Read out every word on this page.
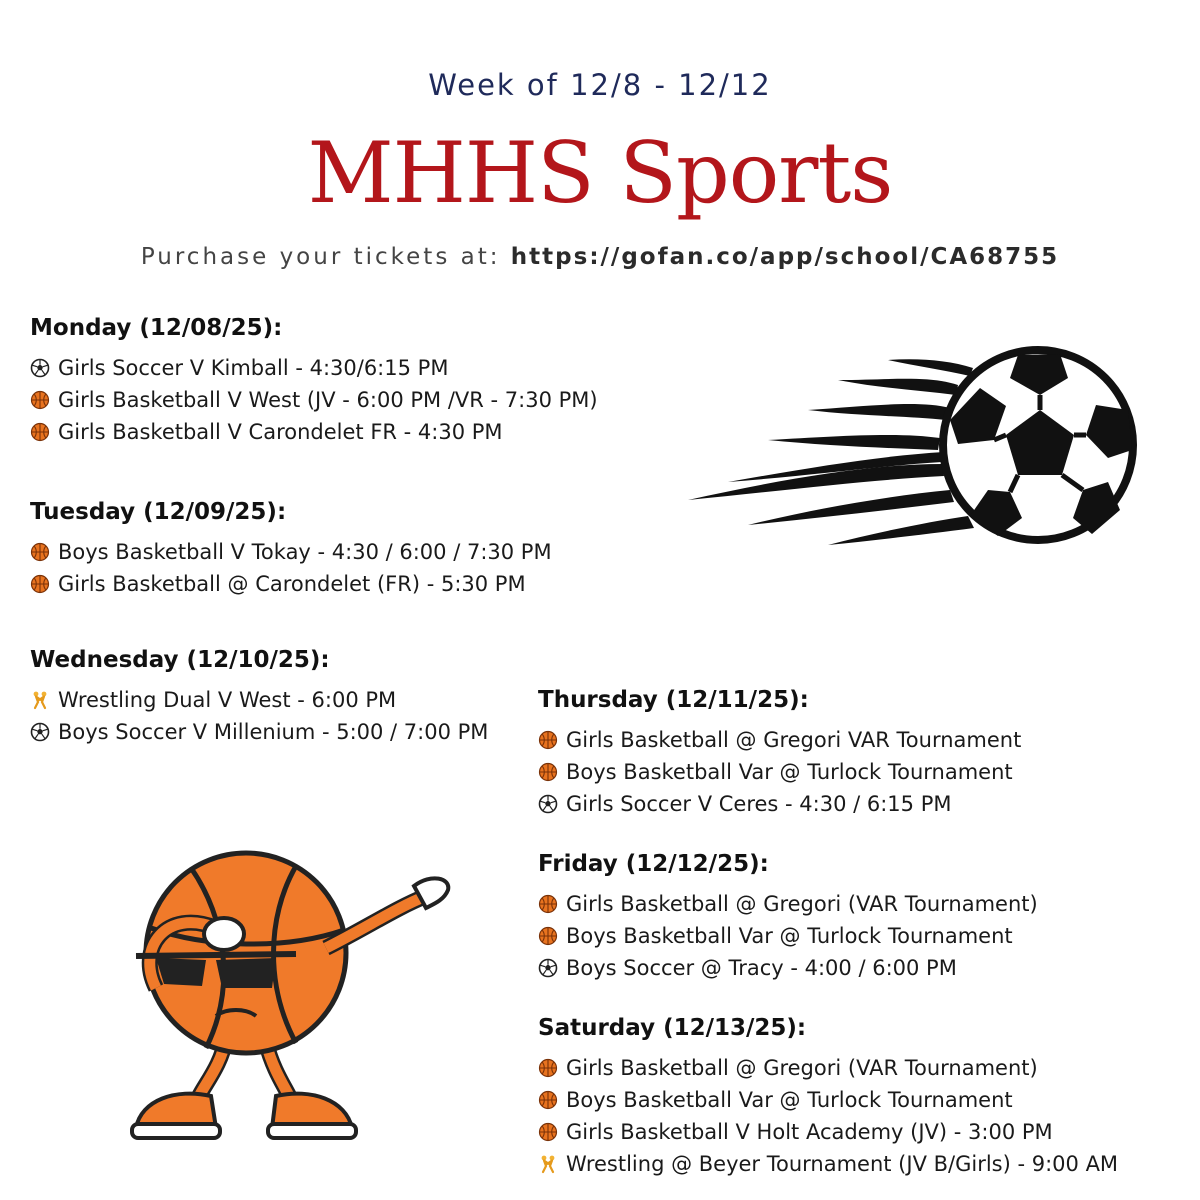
Week of 12/8 - 12/12
MHHS Sports
Purchase your tickets at: https://gofan.co/app/school/CA68755
Monday (12/08/25):
Girls Soccer V Kimball - 4:30/6:15 PM
Girls Basketball V West (JV - 6:00 PM /VR - 7:30 PM)
Girls Basketball V Carondelet FR - 4:30 PM
Tuesday (12/09/25):
Boys Basketball V Tokay - 4:30 / 6:00 / 7:30 PM
Girls Basketball @ Carondelet (FR) - 5:30 PM
Wednesday (12/10/25):
Wrestling Dual V West - 6:00 PM
Boys Soccer V Millenium - 5:00 / 7:00 PM
Thursday (12/11/25):
Girls Basketball @ Gregori VAR Tournament
Boys Basketball Var @ Turlock Tournament
Girls Soccer V Ceres - 4:30 / 6:15 PM
Friday (12/12/25):
Girls Basketball @ Gregori (VAR Tournament)
Boys Basketball Var @ Turlock Tournament
Boys Soccer @ Tracy - 4:00 / 6:00 PM
Saturday (12/13/25):
Girls Basketball @ Gregori (VAR Tournament)
Boys Basketball Var @ Turlock Tournament
Girls Basketball V Holt Academy (JV) - 3:00 PM
Wrestling @ Beyer Tournament (JV B/Girls) - 9:00 AM
